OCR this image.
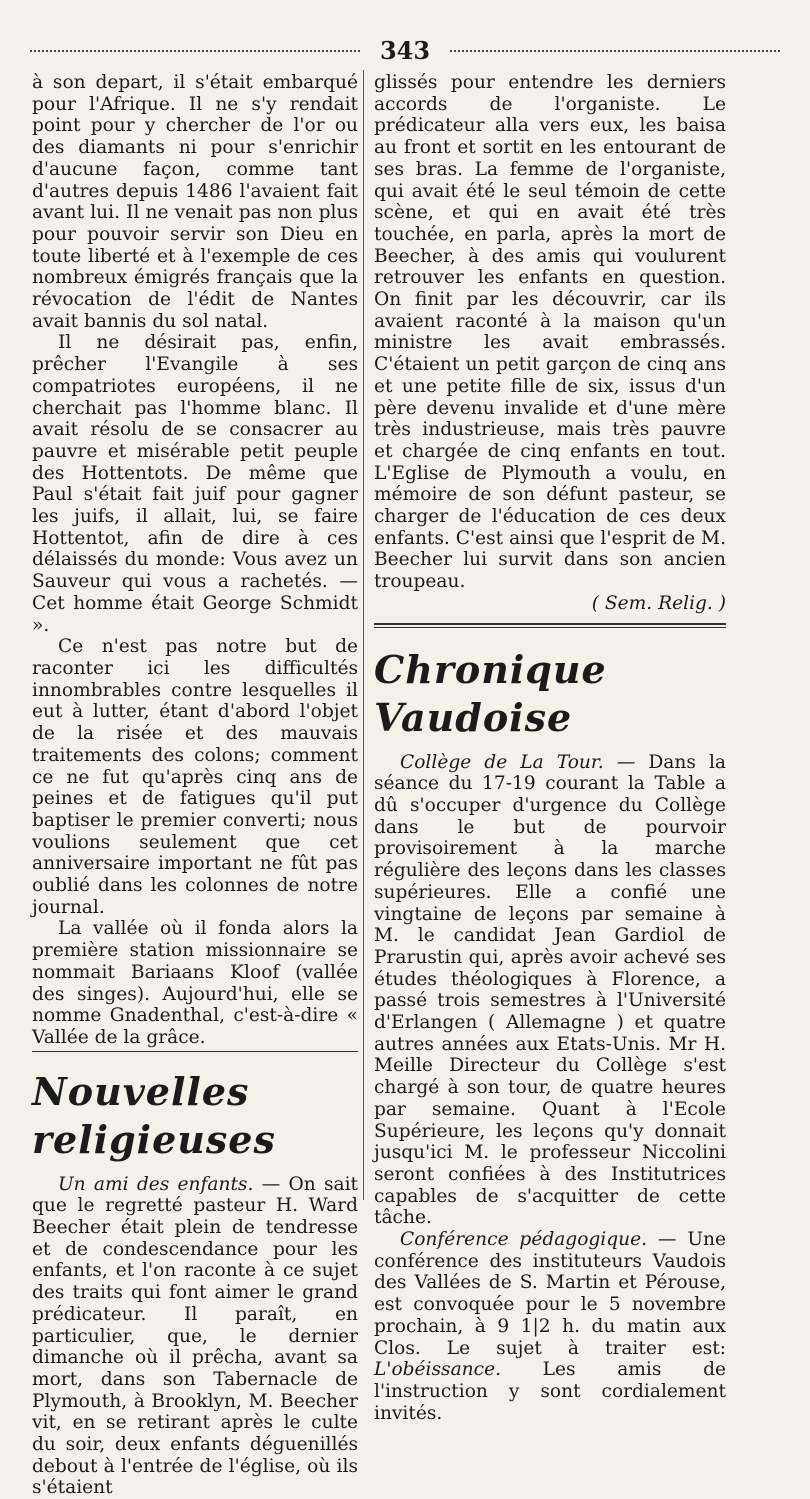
343

à son depart, il s'était embarqué pour l'Afrique. Il ne s'y rendait point pour y chercher de l'or ou des diamants ni pour s'enrichir d'aucune façon, comme tant d'autres depuis 1486 l'avaient fait avant lui. Il ne venait pas non plus pour pouvoir servir son Dieu en toute liberté et à l'exemple de ces nombreux émigrés français que la révocation de l'édit de Nantes avait bannis du sol natal.

Il ne désirait pas, enfin, prêcher l'Evangile à ses compatriotes européens, il ne cherchait pas l'homme blanc. Il avait résolu de se consacrer au pauvre et misérable petit peuple des Hottentots. De même que Paul s'était fait juif pour gagner les juifs, il allait, lui, se faire Hottentot, afin de dire à ces délaissés du monde: Vous avez un Sauveur qui vous a rachetés. — Cet homme était George Schmidt ».

Ce n'est pas notre but de raconter ici les difficultés innombrables contre lesquelles il eut à lutter, étant d'abord l'objet de la risée et des mauvais traitements des colons; comment ce ne fut qu'après cinq ans de peines et de fatigues qu'il put baptiser le premier converti; nous voulions seulement que cet anniversaire important ne fût pas oublié dans les colonnes de notre journal.

La vallée où il fonda alors la première station missionnaire se nommait Bariaans Kloof (vallée des singes). Aujourd'hui, elle se nomme Gnadenthal, c'est-à-dire « Vallée de la grâce.

Nouvelles religieuses

Un ami des enfants. — On sait que le regretté pasteur H. Ward Beecher était plein de tendresse et de condescendance pour les enfants, et l'on raconte à ce sujet des traits qui font aimer le grand prédicateur. Il paraît, en particulier, que, le dernier dimanche où il prêcha, avant sa mort, dans son Tabernacle de Plymouth, à Brooklyn, M. Beecher vit, en se retirant après le culte du soir, deux enfants déguenillés debout à l'entrée de l'église, où ils s'étaient

glissés pour entendre les derniers accords de l'organiste. Le prédicateur alla vers eux, les baisa au front et sortit en les entourant de ses bras. La femme de l'organiste, qui avait été le seul témoin de cette scène, et qui en avait été très touchée, en parla, après la mort de Beecher, à des amis qui voulurent retrouver les enfants en question. On finit par les découvrir, car ils avaient raconté à la maison qu'un ministre les avait embrassés. C'étaient un petit garçon de cinq ans et une petite fille de six, issus d'un père devenu invalide et d'une mère très industrieuse, mais très pauvre et chargée de cinq enfants en tout. L'Eglise de Plymouth a voulu, en mémoire de son défunt pasteur, se charger de l'éducation de ces deux enfants. C'est ainsi que l'esprit de M. Beecher lui survit dans son ancien troupeau.

( Sem. Relig. )
Chronique Vaudoise

Collège de La Tour. — Dans la séance du 17-19 courant la Table a dû s'occuper d'urgence du Collège dans le but de pourvoir provisoirement à la marche régulière des leçons dans les classes supérieures. Elle a confié une vingtaine de leçons par semaine à M. le candidat Jean Gardiol de Prarustin qui, après avoir achevé ses études théologiques à Florence, a passé trois semestres à l'Université d'Erlangen ( Allemagne ) et quatre autres années aux Etats-Unis. Mr H. Meille Directeur du Collège s'est chargé à son tour, de quatre heures par semaine. Quant à l'Ecole Supérieure, les leçons qu'y donnait jusqu'ici M. le professeur Niccolini seront confiées à des Institutrices capables de s'acquitter de cette tâche.

Conférence pédagogique. — Une conférence des instituteurs Vaudois des Vallées de S. Martin et Pérouse, est convoquée pour le 5 novembre prochain, à 9 1|2 h. du matin aux Clos. Le sujet à traiter est: L'obéissance. Les amis de l'instruction y sont cordialement invités.
